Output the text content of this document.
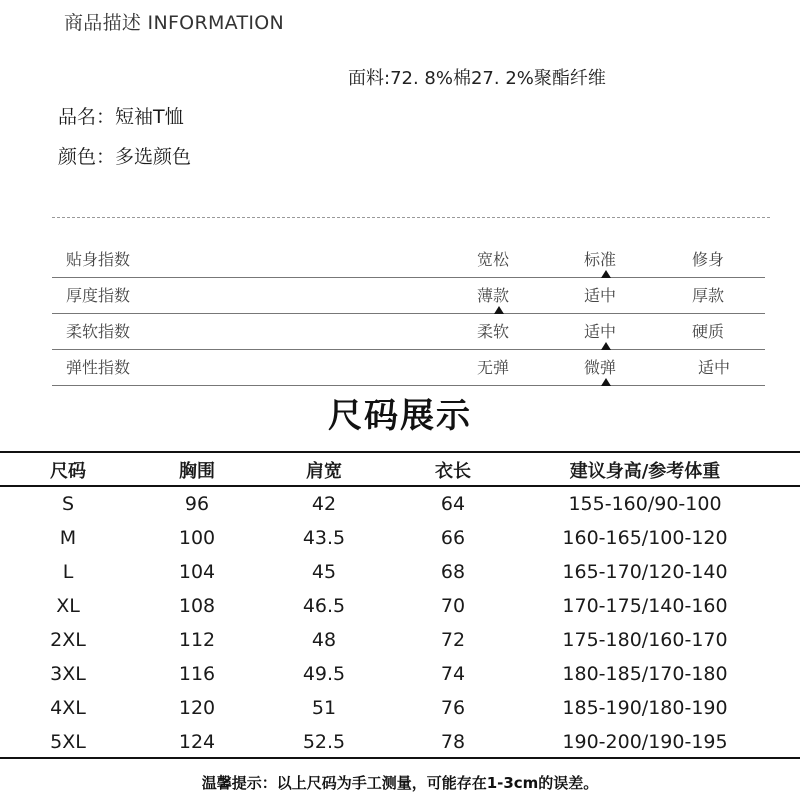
商品描述 INFORMATION
面料:72. 8%棉27. 2%聚酯纤维
品名：短袖T恤
颜色：多选颜色
贴身指数	宽松	标准	修身
厚度指数	薄款	适中	厚款
柔软指数	柔软	适中	硬质
弹性指数	无弹	微弹	适中
尺码展示
尺码	胸围	肩宽	衣长	建议身高/参考体重
S	96	42	64	155-160/90-100
M	100	43.5	66	160-165/100-120
L	104	45	68	165-170/120-140
XL	108	46.5	70	170-175/140-160
2XL	112	48	72	175-180/160-170
3XL	116	49.5	74	180-185/170-180
4XL	120	51	76	185-190/180-190
5XL	124	52.5	78	190-200/190-195
温馨提示：以上尺码为手工测量，可能存在1-3cm的误差。
